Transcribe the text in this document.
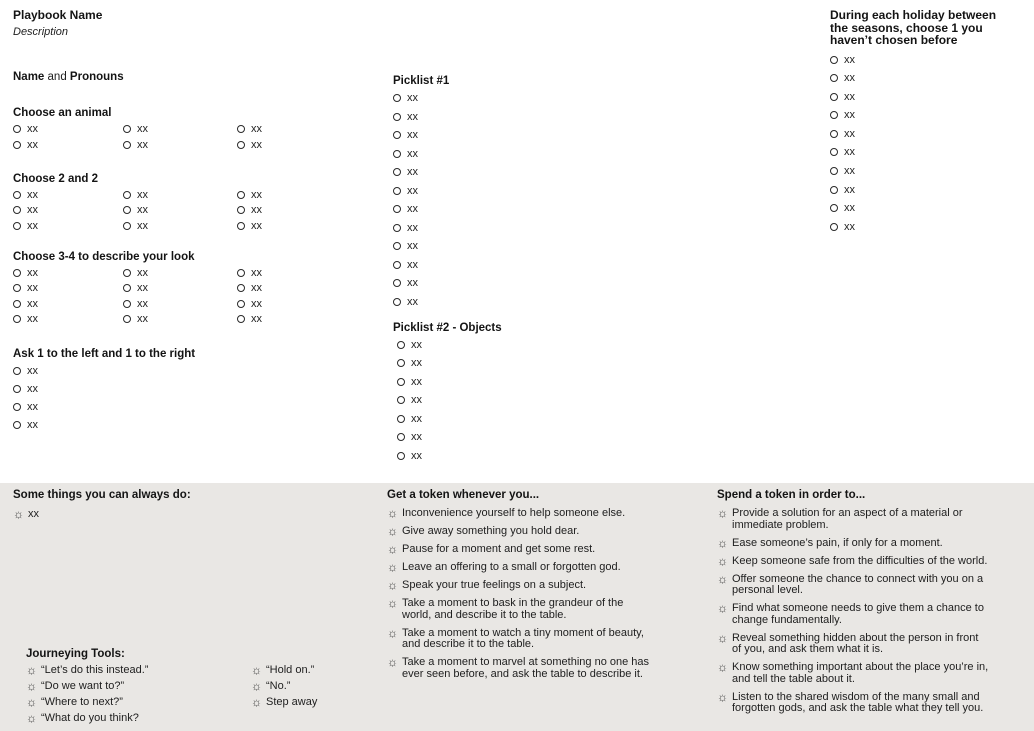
Playbook Name
Description
Name and Pronouns
Choose an animal
xx	xx	xx
xx	xx	xx
Choose 2 and 2
xx	xx	xx
xx	xx	xx
xx	xx	xx
Choose 3-4 to describe your look
xx	xx	xx
xx	xx	xx
xx	xx	xx
xx	xx	xx
Ask 1 to the left and 1 to the right
xx
xx
xx
xx
Picklist #1
xx
xx
xx
xx
xx
xx
xx
xx
xx
xx
xx
xx
Picklist #2 - Objects
xx
xx
xx
xx
xx
xx
xx
During each holiday between the seasons, choose 1 you haven’t chosen before
xx
xx
xx
xx
xx
xx
xx
xx
xx
xx
Some things you can always do:
☼ xx
Journeying Tools:
☼ “Let’s do this instead.”
☼ “Do we want to?”
☼ “Where to next?”
☼ “What do you think?
☼ “Hold on.”
☼ “No.”
☼ Step away
Get a token whenever you...
☼ Inconvenience yourself to help someone else.
☼ Give away something you hold dear.
☼ Pause for a moment and get some rest.
☼ Leave an offering to a small or forgotten god.
☼ Speak your true feelings on a subject.
☼ Take a moment to bask in the grandeur of the world, and describe it to the table.
☼ Take a moment to watch a tiny moment of beauty, and describe it to the table.
☼ Take a moment to marvel at something no one has ever seen before, and ask the table to describe it.
Spend a token in order to...
☼ Provide a solution for an aspect of a material or immediate problem.
☼ Ease someone’s pain, if only for a moment.
☼ Keep someone safe from the difficulties of the world.
☼ Offer someone the chance to connect with you on a personal level.
☼ Find what someone needs to give them a chance to change fundamentally.
☼ Reveal something hidden about the person in front of you, and ask them what it is.
☼ Know something important about the place you’re in, and tell the table about it.
☼ Listen to the shared wisdom of the many small and forgotten gods, and ask the table what they tell you.
